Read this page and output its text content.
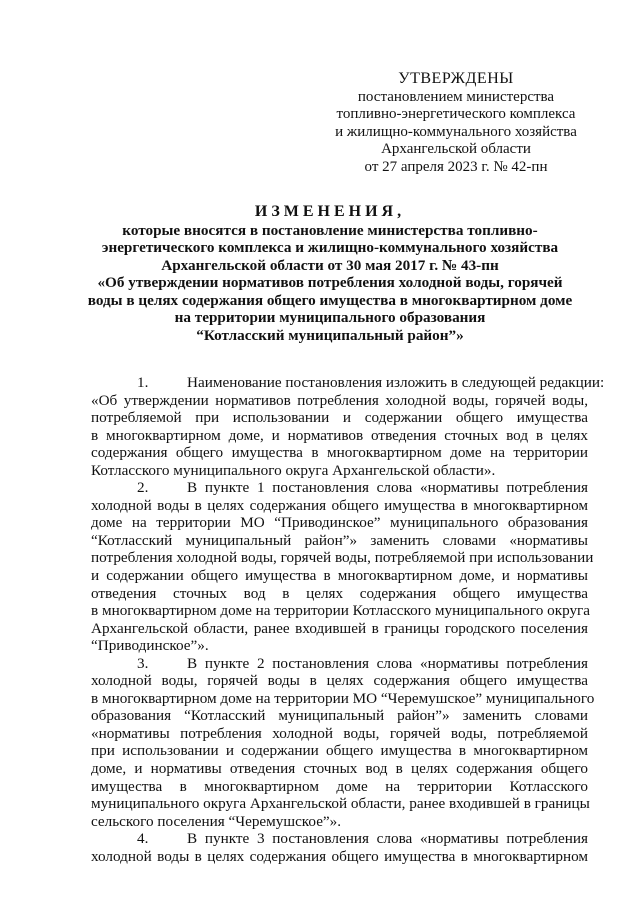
УТВЕРЖДЕНЫ
постановлением министерства
топливно-энергетического комплекса
и жилищно-коммунального хозяйства
Архангельской области
от 27 апреля 2023 г. № 42-пн
ИЗМЕНЕНИЯ,
которые вносятся в постановление министерства топливно-
энергетического комплекса и жилищно-коммунального хозяйства
Архангельской области от 30 мая 2017 г. № 43-пн
«Об утверждении нормативов потребления холодной воды, горячей
воды в целях содержания общего имущества в многоквартирном доме
на территории муниципального образования
“Котласский муниципальный район”»
1.	Наименование постановления изложить в следующей редакции:
«Об утверждении нормативов потребления холодной воды, горячей воды,
потребляемой при использовании и содержании общего имущества
в многоквартирном доме, и нормативов отведения сточных вод в целях
содержания общего имущества в многоквартирном доме на территории
Котласского муниципального округа Архангельской области».
2.	В пункте 1 постановления слова «нормативы потребления
холодной воды в целях содержания общего имущества в многоквартирном
доме на территории МО “Приводинское” муниципального образования
“Котласский муниципальный район”» заменить словами «нормативы
потребления холодной воды, горячей воды, потребляемой при использовании
и содержании общего имущества в многоквартирном доме, и нормативы
отведения сточных вод в целях содержания общего имущества
в многоквартирном доме на территории Котласского муниципального округа
Архангельской области, ранее входившей в границы городского поселения
“Приводинское”».
3.	В пункте 2 постановления слова «нормативы потребления
холодной воды, горячей воды в целях содержания общего имущества
в многоквартирном доме на территории МО “Черемушское” муниципального
образования “Котласский муниципальный район”» заменить словами
«нормативы потребления холодной воды, горячей воды, потребляемой
при использовании и содержании общего имущества в многоквартирном
доме, и нормативы отведения сточных вод в целях содержания общего
имущества в многоквартирном доме на территории Котласского
муниципального округа Архангельской области, ранее входившей в границы
сельского поселения “Черемушское”».
4.	В пункте 3 постановления слова «нормативы потребления
холодной воды в целях содержания общего имущества в многоквартирном
